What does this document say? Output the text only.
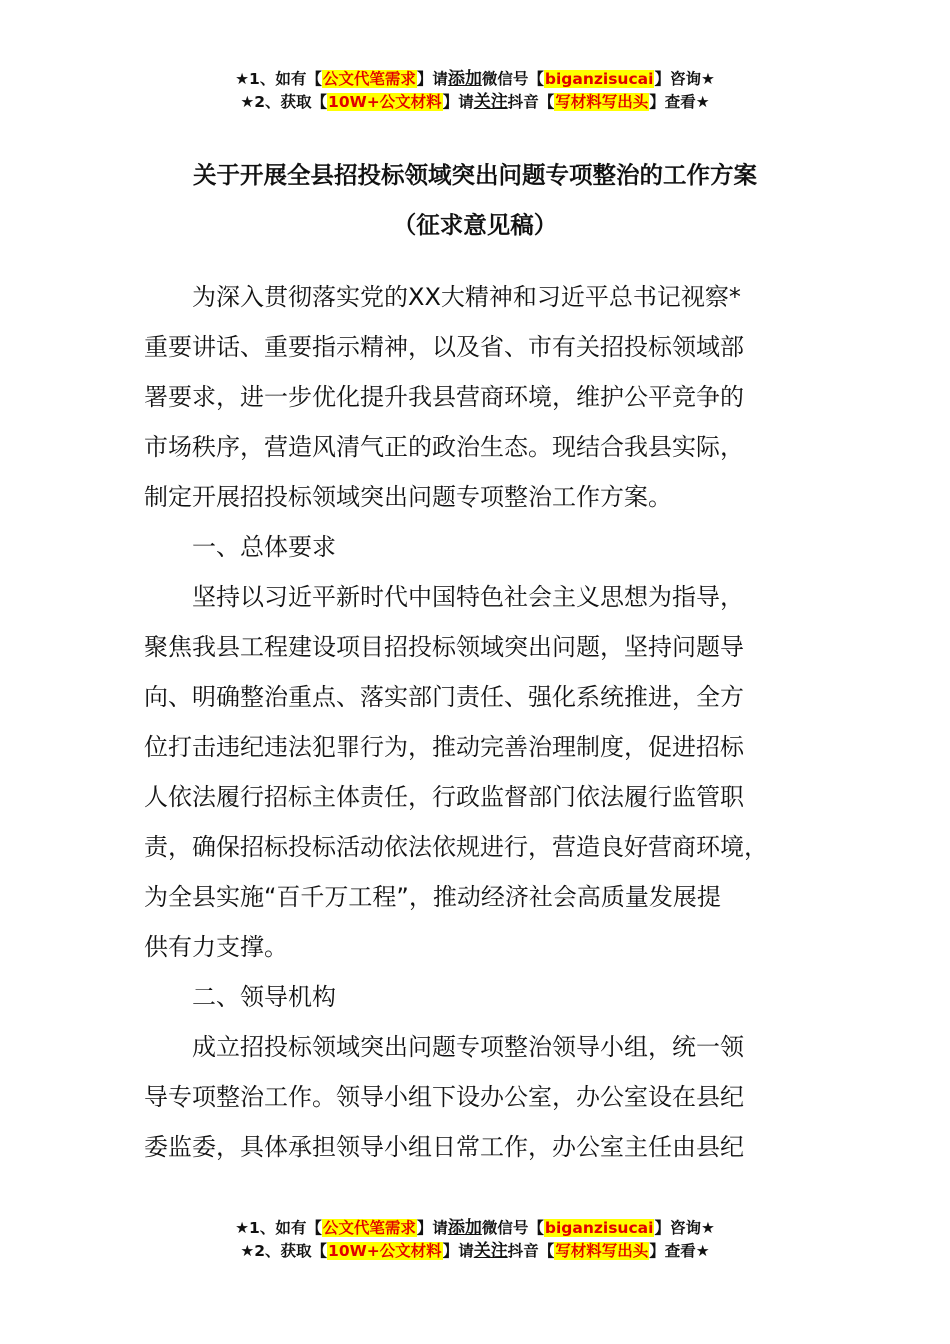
★1、如有【公文代笔需求】请添加微信号【biganzisucai】咨询★
★2、获取【10W+公文材料】请关注抖音【写材料写出头】查看★
关于开展全县招投标领域突出问题专项整治的工作方案
（征求意见稿）
为深入贯彻落实党的XX大精神和习近平总书记视察*
重要讲话、重要指示精神，以及省、市有关招投标领域部
署要求，进一步优化提升我县营商环境，维护公平竞争的
市场秩序，营造风清气正的政治生态。现结合我县实际，
制定开展招投标领域突出问题专项整治工作方案。
一、总体要求
坚持以习近平新时代中国特色社会主义思想为指导，
聚焦我县工程建设项目招投标领域突出问题，坚持问题导
向、明确整治重点、落实部门责任、强化系统推进，全方
位打击违纪违法犯罪行为，推动完善治理制度，促进招标
人依法履行招标主体责任，行政监督部门依法履行监管职
责，确保招标投标活动依法依规进行，营造良好营商环境，
为全县实施“百千万工程”，推动经济社会高质量发展提
供有力支撑。
二、领导机构
成立招投标领域突出问题专项整治领导小组，统一领
导专项整治工作。领导小组下设办公室，办公室设在县纪
委监委，具体承担领导小组日常工作，办公室主任由县纪
★1、如有【公文代笔需求】请添加微信号【biganzisucai】咨询★
★2、获取【10W+公文材料】请关注抖音【写材料写出头】查看★
